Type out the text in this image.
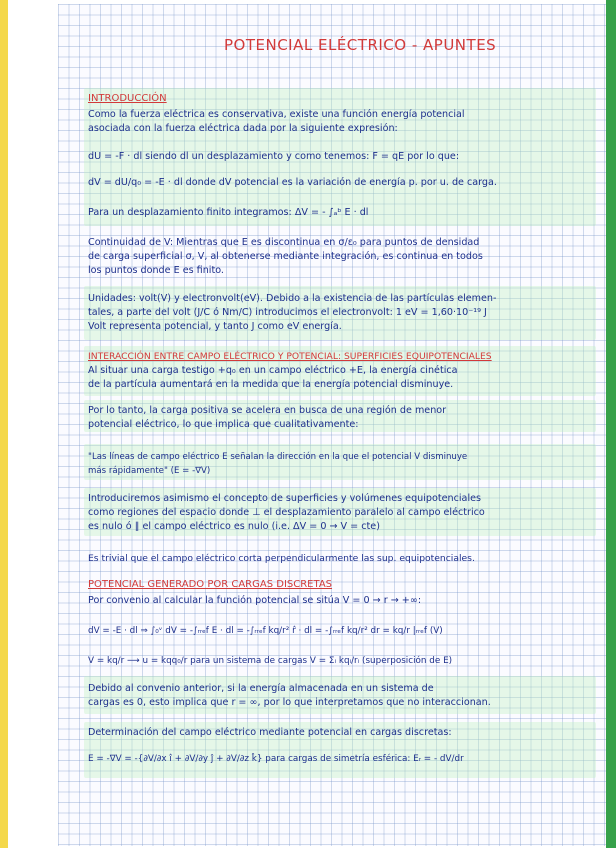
POTENCIAL ELÉCTRICO - APUNTES
INTRODUCCIÓN
Como la fuerza eléctrica es conservativa, existe una función energía potencial
asociada con la fuerza eléctrica dada por la siguiente expresión:
dU = -F · dl siendo dl un desplazamiento y como tenemos: F = qE por lo que:
dV = dU/q₀ = -E · dl donde dV potencial es la variación de energía p. por u. de carga.
Para un desplazamiento finito integramos: ΔV = - ∫ₐᵇ E · dl
Continuidad de V: Mientras que E es discontinua en σ/ε₀ para puntos de densidad
de carga superficial σ, V, al obtenerse mediante integración, es continua en todos
los puntos donde E es finito.
Unidades: volt(V) y electronvolt(eV). Debido a la existencia de las partículas elemen-
tales, a parte del volt (J/C ó Nm/C) introducimos el electronvolt: 1 eV = 1,60·10⁻¹⁹ J
Volt representa potencial, y tanto J como eV energía.
INTERACCIÓN ENTRE CAMPO ELÉCTRICO Y POTENCIAL: SUPERFICIES EQUIPOTENCIALES
Al situar una carga testigo +q₀ en un campo eléctrico +E, la energía cinética
de la partícula aumentará en la medida que la energía potencial disminuye.
Por lo tanto, la carga positiva se acelera en busca de una región de menor
potencial eléctrico, lo que implica que cualitativamente:
"Las líneas de campo eléctrico E señalan la dirección en la que el potencial V disminuye
más rápidamente" (E = -∇V)
Introduciremos asimismo el concepto de superficies y volúmenes equipotenciales
como regiones del espacio donde ⊥ el desplazamiento paralelo al campo eléctrico
es nulo ó ∥ el campo eléctrico es nulo (i.e. ΔV = 0 → V = cte)
Es trivial que el campo eléctrico corta perpendicularmente las sup. equipotenciales.
POTENCIAL GENERADO POR CARGAS DISCRETAS
Por convenio al calcular la función potencial se sitúa V = 0 → r → +∞:
dV = -E · dl ⇒ ∫₀ᵛ dV = -∫ᵣᵣₑf E · dl = -∫ᵣᵣₑf kq/r² r̂ · dl = -∫ᵣᵣₑf kq/r² dr = kq/r |ᵣᵣₑf (V)
V = kq/r ⟶ u = kqq₀/r para un sistema de cargas V = Σᵢ kqᵢ/rᵢ (superposición de E)
Debido al convenio anterior, si la energía almacenada en un sistema de
cargas es 0, esto implica que r = ∞, por lo que interpretamos que no interaccionan.
Determinación del campo eléctrico mediante potencial en cargas discretas:
E = -∇V = -{∂V/∂x î + ∂V/∂y ĵ + ∂V/∂z k̂} para cargas de simetría esférica: Eᵣ = - dV/dr
